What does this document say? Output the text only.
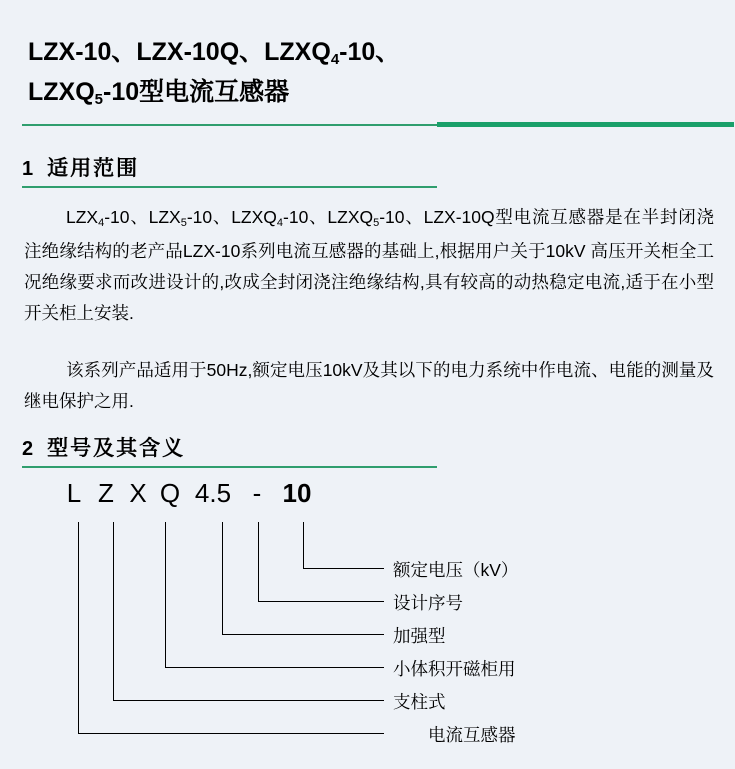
LZX-10、LZX-10Q、$LZXQ_4-10$、
$LZXQ_5-10$型电流互感器
1 适用范围
$LZX_4-10$、$LZX_5-10$、$LZXQ_4-10$、$LZXQ_5-10$、LZX-10Q型电流互感器是在半封闭浇注绝缘结构的老产品LZX-10系列电流互感器的基础上,根据用户关于10kV 高压开关柜全工况绝缘要求而改进设计的,改成全封闭浇注绝缘结构,具有较高的动热稳定电流,适于在小型开关柜上安装.
该系列产品适用于50Hz,额定电压10kV及其以下的电力系统中作电流、电能的测量及继电保护之用.
2 型号及其含义
L Z X Q 4.5 - 10
额定电压（kV）
设计序号
加强型
小体积开磁柜用
支柱式
电流互感器
